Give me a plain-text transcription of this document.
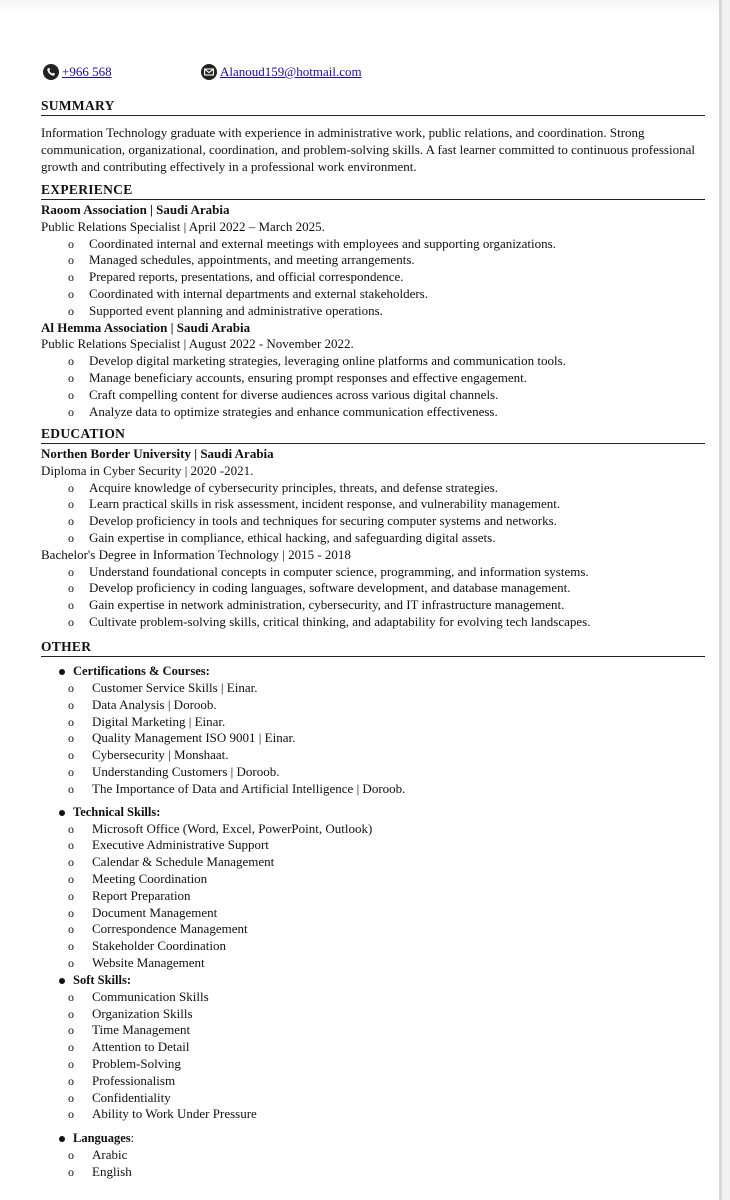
+966 568	Alanoud159@hotmail.com
SUMMARY

Information Technology graduate with experience in administrative work, public relations, and coordination. Strong communication, organizational, coordination, and problem-solving skills. A fast learner committed to continuous professional growth and contributing effectively in a professional work environment.

EXPERIENCE
Raoom Association | Saudi Arabia
Public Relations Specialist | April 2022 – March 2025.
o Coordinated internal and external meetings with employees and supporting organizations.
o Managed schedules, appointments, and meeting arrangements.
o Prepared reports, presentations, and official correspondence.
o Coordinated with internal departments and external stakeholders.
o Supported event planning and administrative operations.
Al Hemma Association | Saudi Arabia
Public Relations Specialist | August 2022 - November 2022.
o Develop digital marketing strategies, leveraging online platforms and communication tools.
o Manage beneficiary accounts, ensuring prompt responses and effective engagement.
o Craft compelling content for diverse audiences across various digital channels.
o Analyze data to optimize strategies and enhance communication effectiveness.
EDUCATION
Northen Border University | Saudi Arabia
Diploma in Cyber Security | 2020 -2021.
o Acquire knowledge of cybersecurity principles, threats, and defense strategies.
o Learn practical skills in risk assessment, incident response, and vulnerability management.
o Develop proficiency in tools and techniques for securing computer systems and networks.
o Gain expertise in compliance, ethical hacking, and safeguarding digital assets.
Bachelor's Degree in Information Technology | 2015 - 2018
o Understand foundational concepts in computer science, programming, and information systems.
o Develop proficiency in coding languages, software development, and database management.
o Gain expertise in network administration, cybersecurity, and IT infrastructure management.
o Cultivate problem-solving skills, critical thinking, and adaptability for evolving tech landscapes.
OTHER
Certifications & Courses:
o Customer Service Skills | Einar.
o Data Analysis | Doroob.
o Digital Marketing | Einar.
o Quality Management ISO 9001 | Einar.
o Cybersecurity | Monshaat.
o Understanding Customers | Doroob.
o The Importance of Data and Artificial Intelligence | Doroob.
Technical Skills:
o Microsoft Office (Word, Excel, PowerPoint, Outlook)
o Executive Administrative Support
o Calendar & Schedule Management
o Meeting Coordination
o Report Preparation
o Document Management
o Correspondence Management
o Stakeholder Coordination
o Website Management
Soft Skills:
o Communication Skills
o Organization Skills
o Time Management
o Attention to Detail
o Problem-Solving
o Professionalism
o Confidentiality
o Ability to Work Under Pressure
Languages:
o Arabic
o English
